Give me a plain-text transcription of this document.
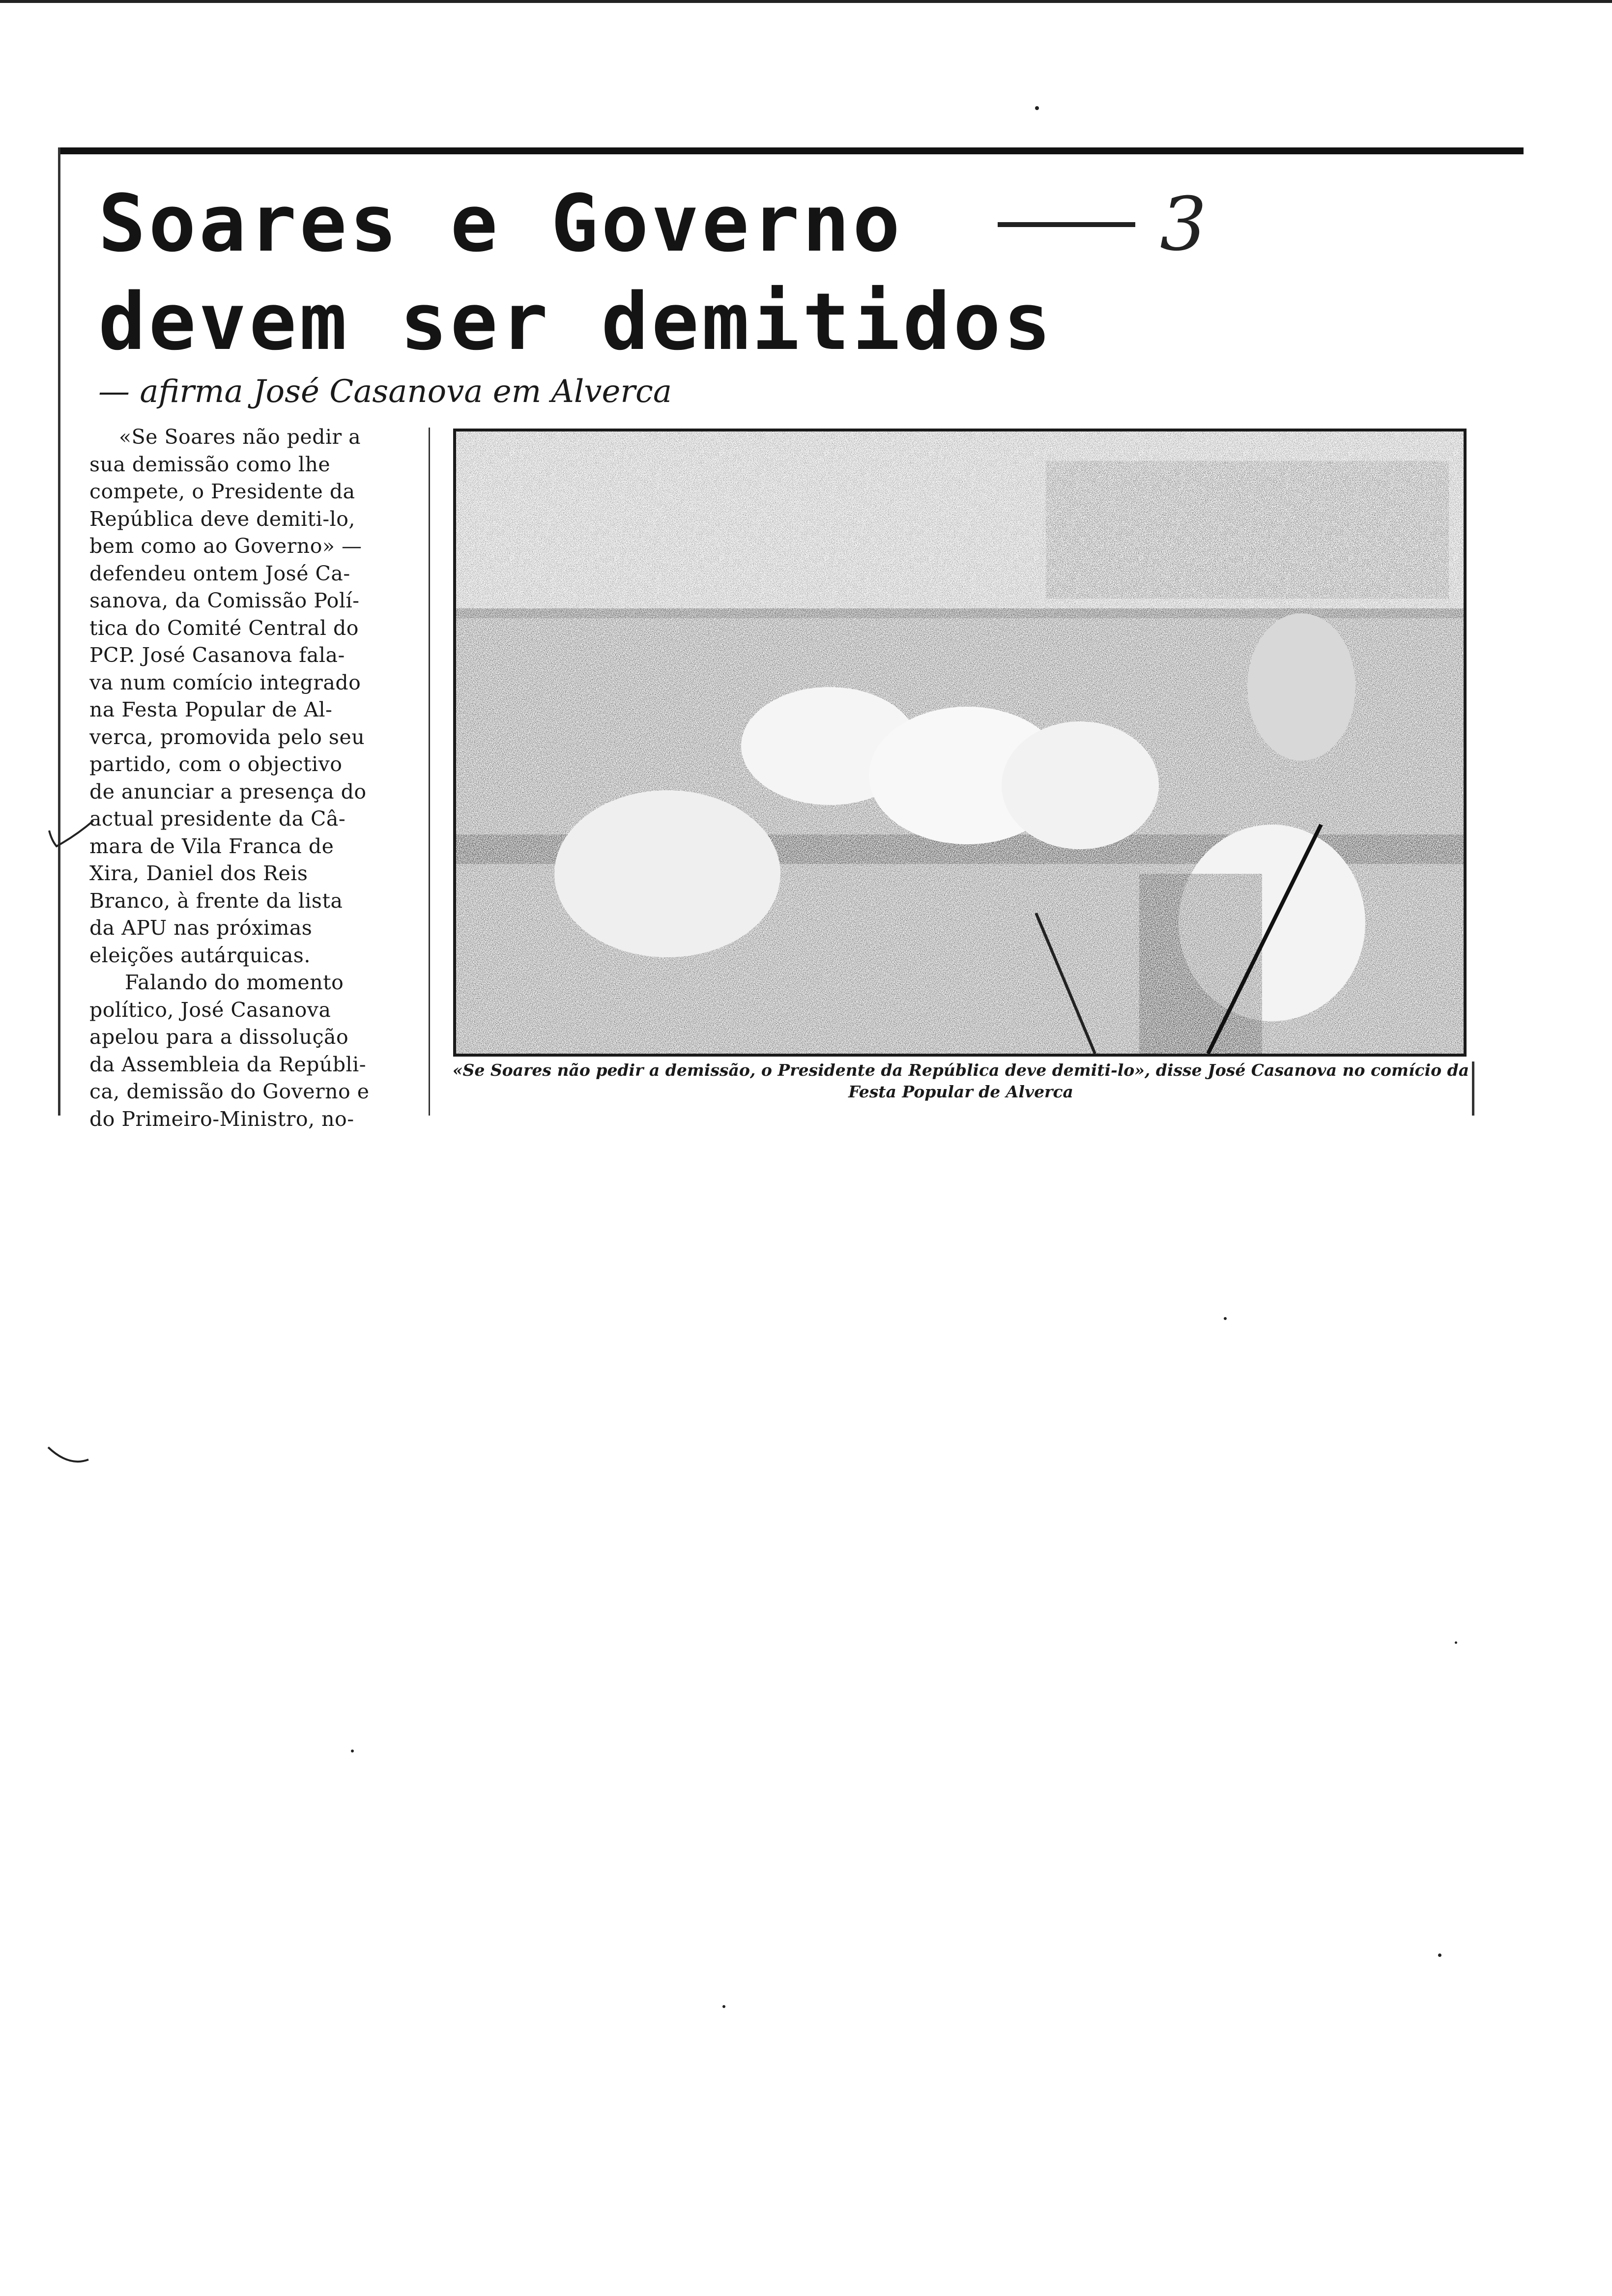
Soares e Governo
devem ser demitidos
3
— afirma José Casanova em Alverca
«Se Soares não pedir a
sua demissão como lhe
compete, o Presidente da
República deve demiti-lo,
bem como ao Governo» —
defendeu ontem José Ca-
sanova, da Comissão Polí-
tica do Comité Central do
PCP. José Casanova fala-
va num comício integrado
na Festa Popular de Al-
verca, promovida pelo seu
partido, com o objectivo
de anunciar a presença do
actual presidente da Câ-
mara de Vila Franca de
Xira, Daniel dos Reis
Branco, à frente da lista
da APU nas próximas
eleições autárquicas.
Falando do momento
político, José Casanova
apelou para a dissolução
da Assembleia da Repúbli-
ca, demissão do Governo e
do Primeiro-Ministro, no-
«Se Soares não pedir a demissão, o Presidente da República deve demiti-lo», disse José Casanova no comício da Festa Popular de Alverca
